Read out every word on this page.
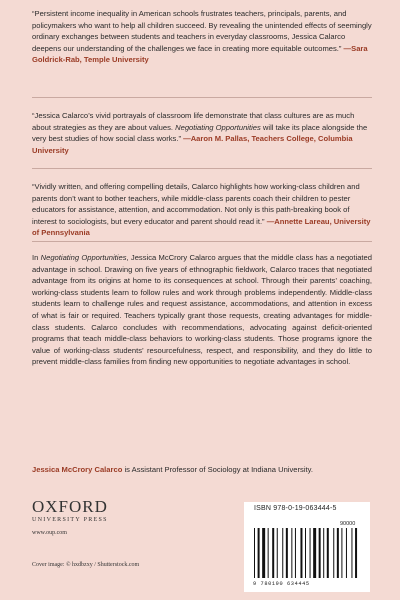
“Persistent income inequality in American schools frustrates teachers, principals, parents, and policymakers who want to help all children succeed. By revealing the unintended effects of seemingly ordinary exchanges between students and teachers in everyday classrooms, Jessica Calarco deepens our understanding of the challenges we face in creating more equitable outcomes.” —Sara Goldrick-Rab, Temple University
“Jessica Calarco’s vivid portrayals of classroom life demonstrate that class cultures are as much about strategies as they are about values. Negotiating Opportunities will take its place alongside the very best studies of how social class works.” —Aaron M. Pallas, Teachers College, Columbia University
“Vividly written, and offering compelling details, Calarco highlights how working-class children and parents don’t want to bother teachers, while middle-class parents coach their children to pester educators for assistance, attention, and accommodation. Not only is this path-breaking book of interest to sociologists, but every educator and parent should read it.” —Annette Lareau, University of Pennsylvania
In Negotiating Opportunities, Jessica McCrory Calarco argues that the middle class has a negotiated advantage in school. Drawing on five years of ethnographic fieldwork, Calarco traces that negotiated advantage from its origins at home to its consequences at school. Through their parents’ coaching, working-class students learn to follow rules and work through problems independently. Middle-class students learn to challenge rules and request assistance, accommodations, and attention in excess of what is fair or required. Teachers typically grant those requests, creating advantages for middle-class students. Calarco concludes with recommendations, advocating against deficit-oriented programs that teach middle-class behaviors to working-class students. Those programs ignore the value of working-class students’ resourcefulness, respect, and responsibility, and they do little to prevent middle-class families from finding new opportunities to negotiate advantages in school.
Jessica McCrory Calarco is Assistant Professor of Sociology at Indiana University.
OXFORD
UNIVERSITY PRESS
www.oup.com
Cover image: © hxdbzxy / Shutterstock.com
ISBN 978-0-19-063444-5
90000
9 780190 634445
